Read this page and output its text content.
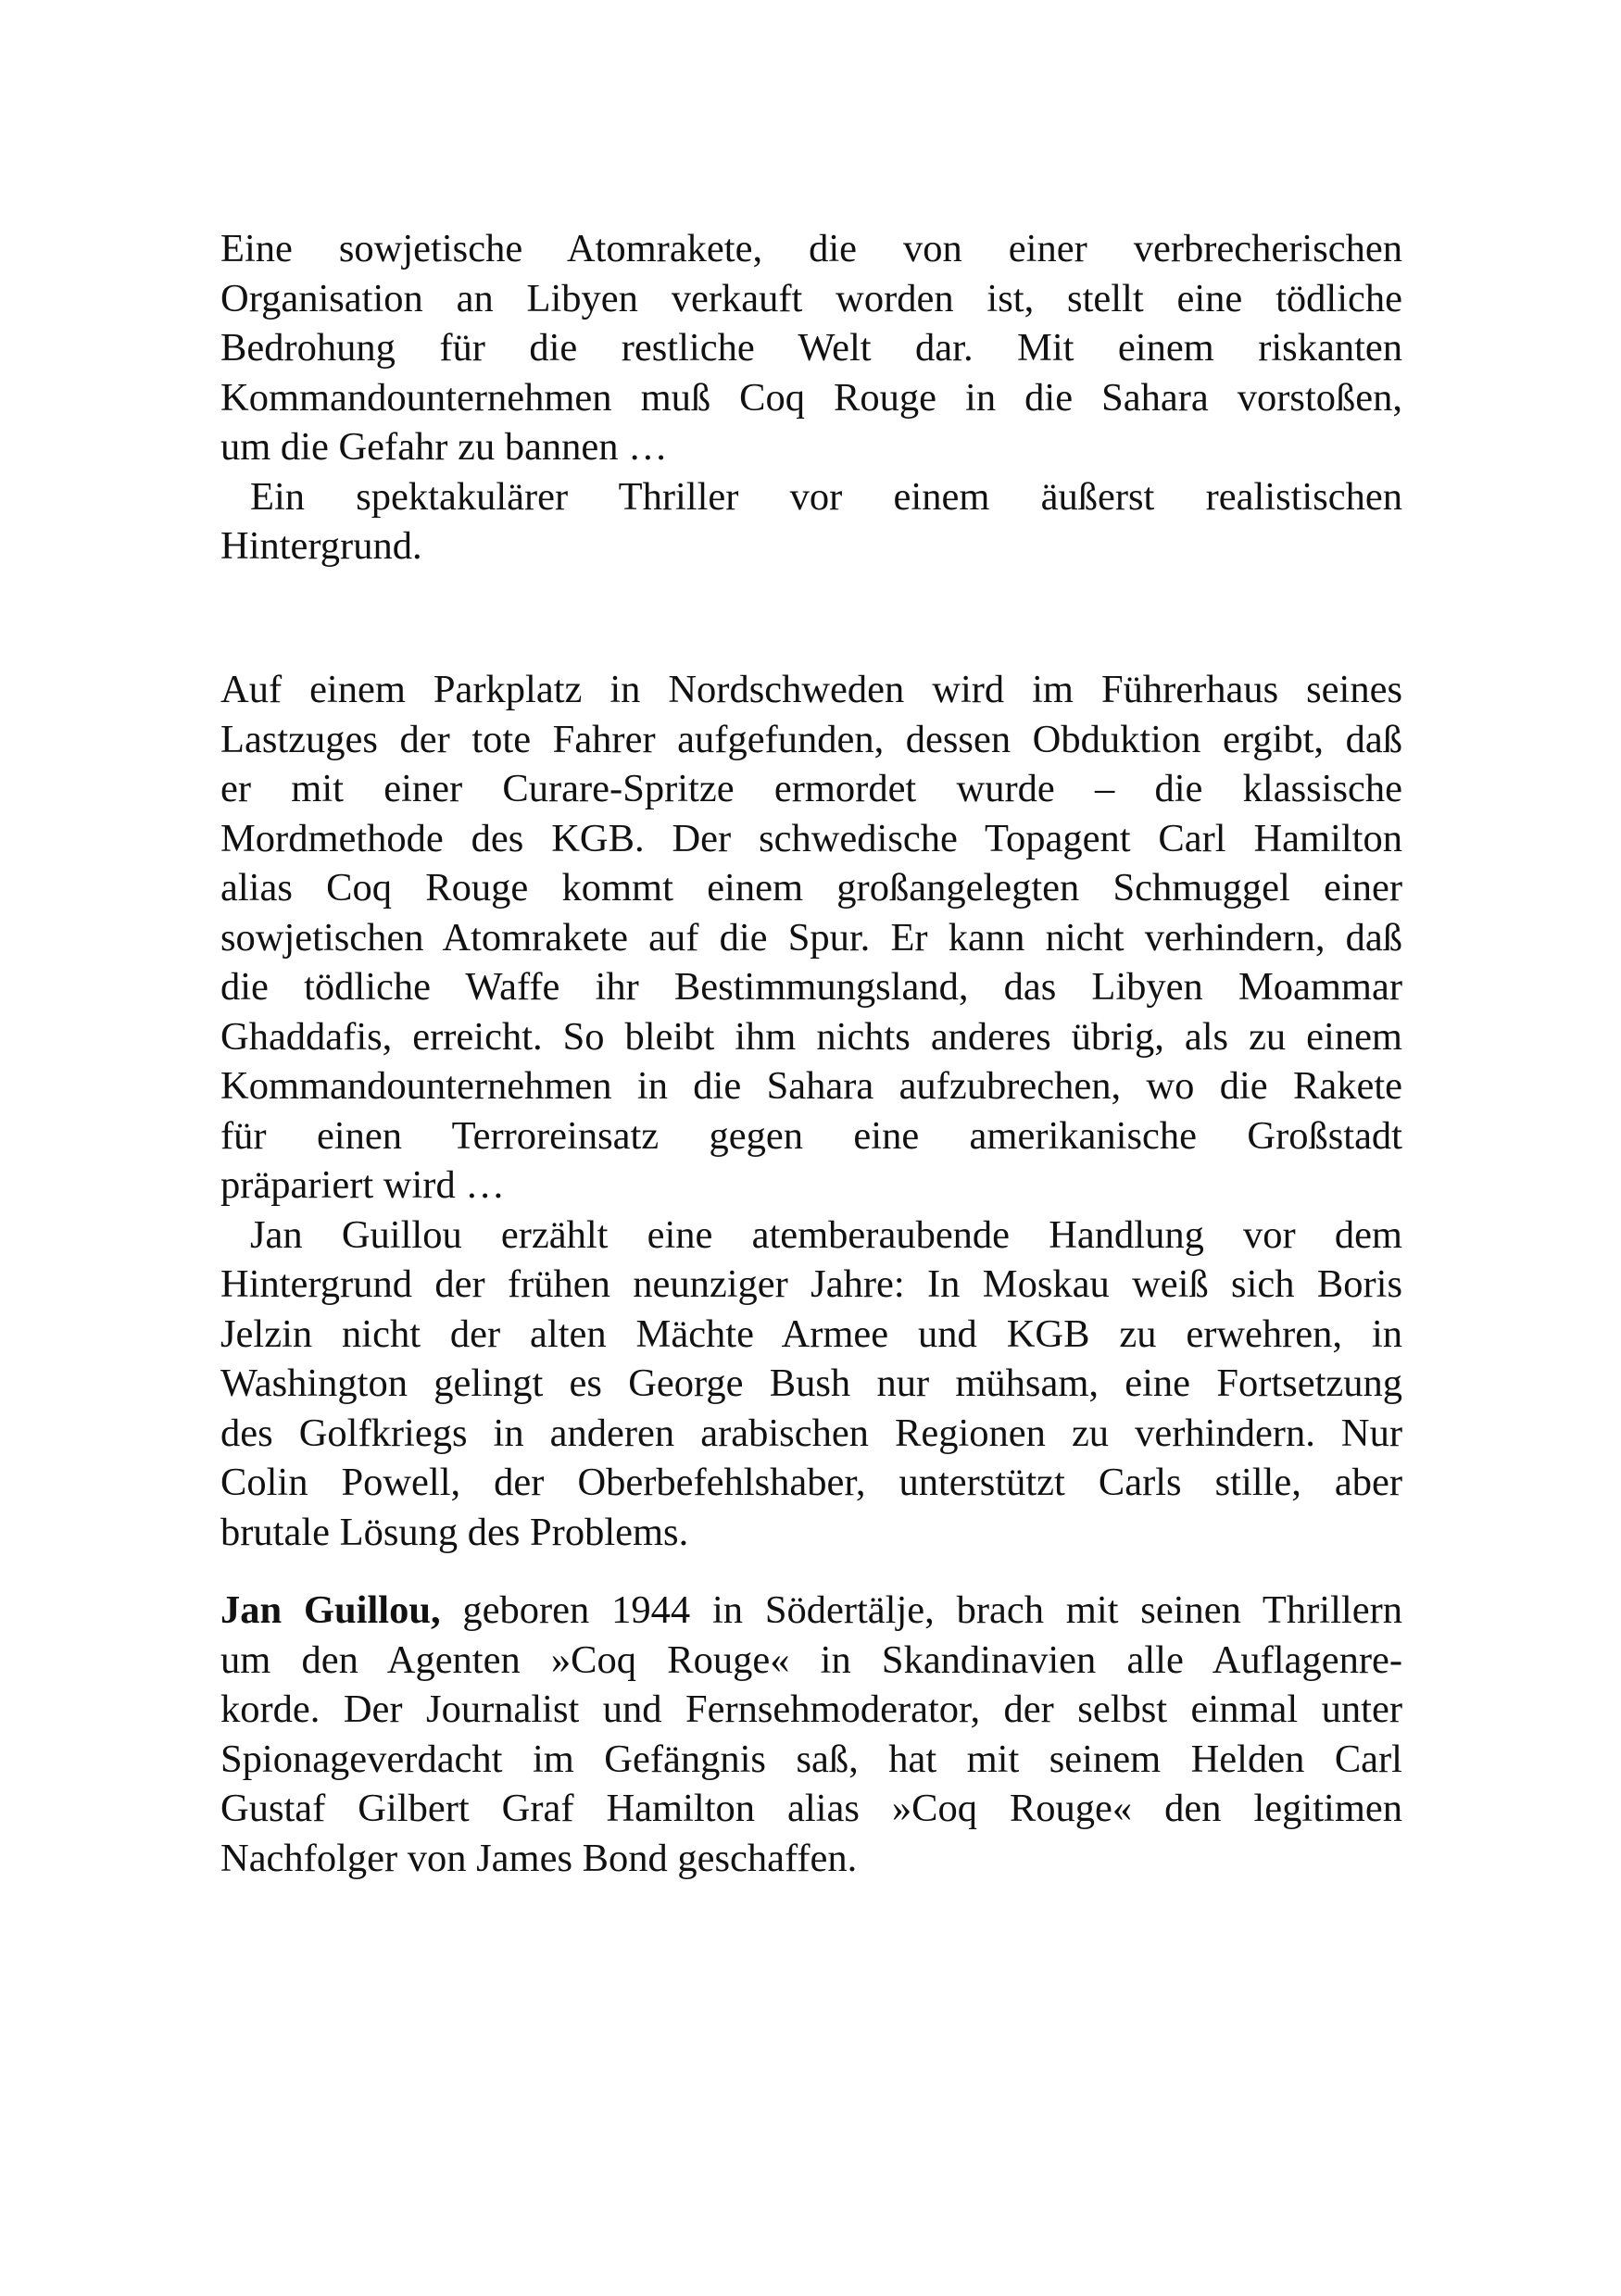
Eine sowjetische Atomrakete, die von einer verbrecherischen
Organisation an Libyen verkauft worden ist, stellt eine tödliche
Bedrohung für die restliche Welt dar. Mit einem riskanten
Kommandounternehmen muß Coq Rouge in die Sahara vorstoßen,
um die Gefahr zu bannen …

Ein spektakulärer Thriller vor einem äußerst realistischen
Hintergrund.

Auf einem Parkplatz in Nordschweden wird im Führerhaus seines
Lastzuges der tote Fahrer aufgefunden, dessen Obduktion ergibt, daß
er mit einer Curare-Spritze ermordet wurde – die klassische
Mordmethode des KGB. Der schwedische Topagent Carl Hamilton
alias Coq Rouge kommt einem großangelegten Schmuggel einer
sowjetischen Atomrakete auf die Spur. Er kann nicht verhindern, daß
die tödliche Waffe ihr Bestimmungsland, das Libyen Moammar
Ghaddafis, erreicht. So bleibt ihm nichts anderes übrig, als zu einem
Kommandounternehmen in die Sahara aufzubrechen, wo die Rakete
für einen Terroreinsatz gegen eine amerikanische Großstadt
präpariert wird …

Jan Guillou erzählt eine atemberaubende Handlung vor dem
Hintergrund der frühen neunziger Jahre: In Moskau weiß sich Boris
Jelzin nicht der alten Mächte Armee und KGB zu erwehren, in
Washington gelingt es George Bush nur mühsam, eine Fortsetzung
des Golfkriegs in anderen arabischen Regionen zu verhindern. Nur
Colin Powell, der Oberbefehlshaber, unterstützt Carls stille, aber
brutale Lösung des Problems.

Jan Guillou, geboren 1944 in Södertälje, brach mit seinen Thrillern
um den Agenten »Coq Rouge« in Skandinavien alle Auflagenre-
korde. Der Journalist und Fernsehmoderator, der selbst einmal unter
Spionageverdacht im Gefängnis saß, hat mit seinem Helden Carl
Gustaf Gilbert Graf Hamilton alias »Coq Rouge« den legitimen
Nachfolger von James Bond geschaffen.
